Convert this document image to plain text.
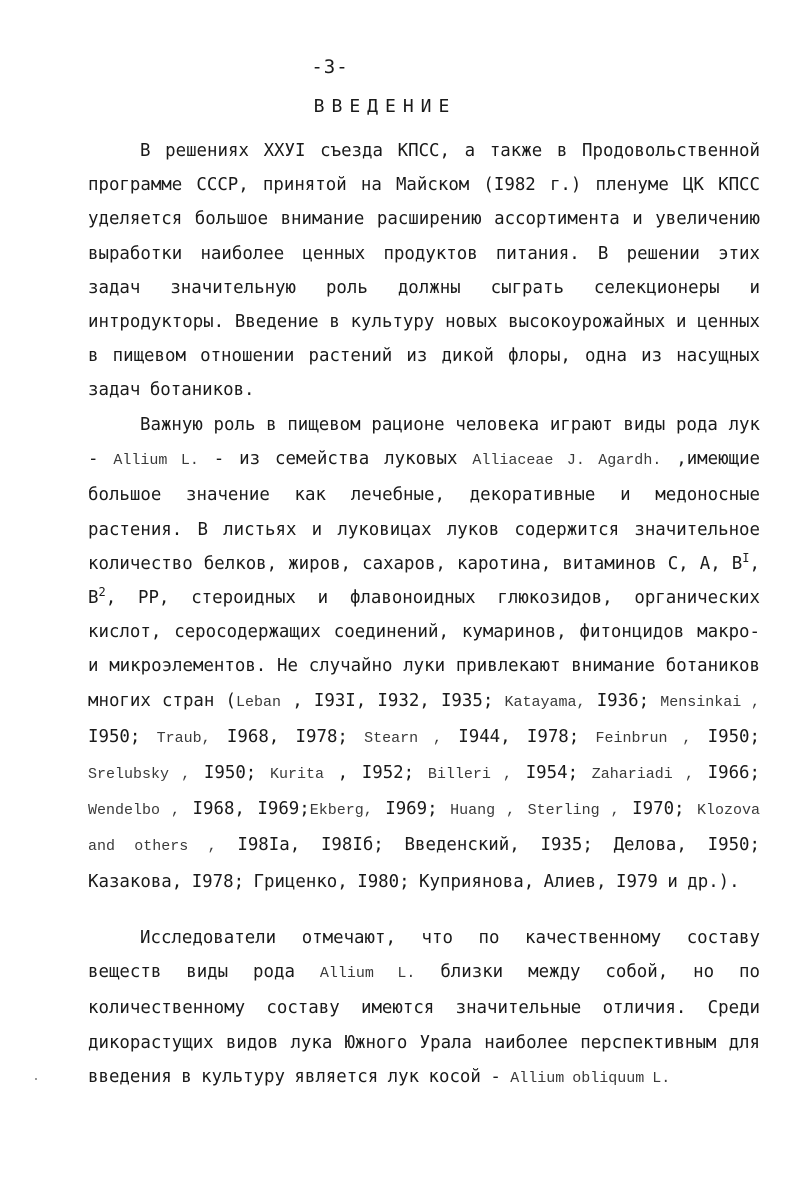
-3-
ВВЕДЕНИЕ

В решениях XXУI съезда КПСС, а также в Продовольственной программе СССР, принятой на Майском (I982 г.) пленуме ЦК КПСС уделяется большое внимание расширению ассортимента и увеличению выработки наиболее ценных продуктов питания. В решении этих задач значительную роль должны сыграть селекционеры и интродукторы. Введение в культуру новых высокоурожайных и ценных в пищевом отношении растений из дикой флоры, одна из насущных задач ботаников.

Важную роль в пищевом рационе человека играют виды рода лук - Allium L. - из семейства луковых Alliaceae J. Agardh. ,имеющие большое значение как лечебные, декоративные и медоносные растения. В листьях и луковицах луков содержится значительное количество белков, жиров, сахаров, каротина, витаминов С, А, $В^I$, $В^2$, РР, стероидных и флавоноидных глюкозидов, органических кислот, серосодержащих соединений, кумаринов, фитонцидов макро- и микроэлементов. Не случайно луки привлекают внимание ботаников многих стран (Leban , I93I, I932, I935; Katayama, I936; Mensinkai , I950; Traub, I968, I978; Stearn , I944, I978; Feinbrun , I950; Srelubsky , I950; Kurita , I952; Billeri , I954; Zahariadi , I966; Wendelbo , I968, I969;Ekberg, I969; Huang , Sterling , I970; Klozova and others , I98Iа, I98Iб; Введенский, I935; Делова, I950; Казакова, I978; Гриценко, I980; Куприянова, Алиев, I979 и др.).

Исследователи отмечают, что по качественному составу веществ виды рода Allium L. близки между собой, но по количественному составу имеются значительные отличия. Среди дикорастущих видов лука Южного Урала наиболее перспективным для введения в культуру является лук косой - Allium obliquum L.
